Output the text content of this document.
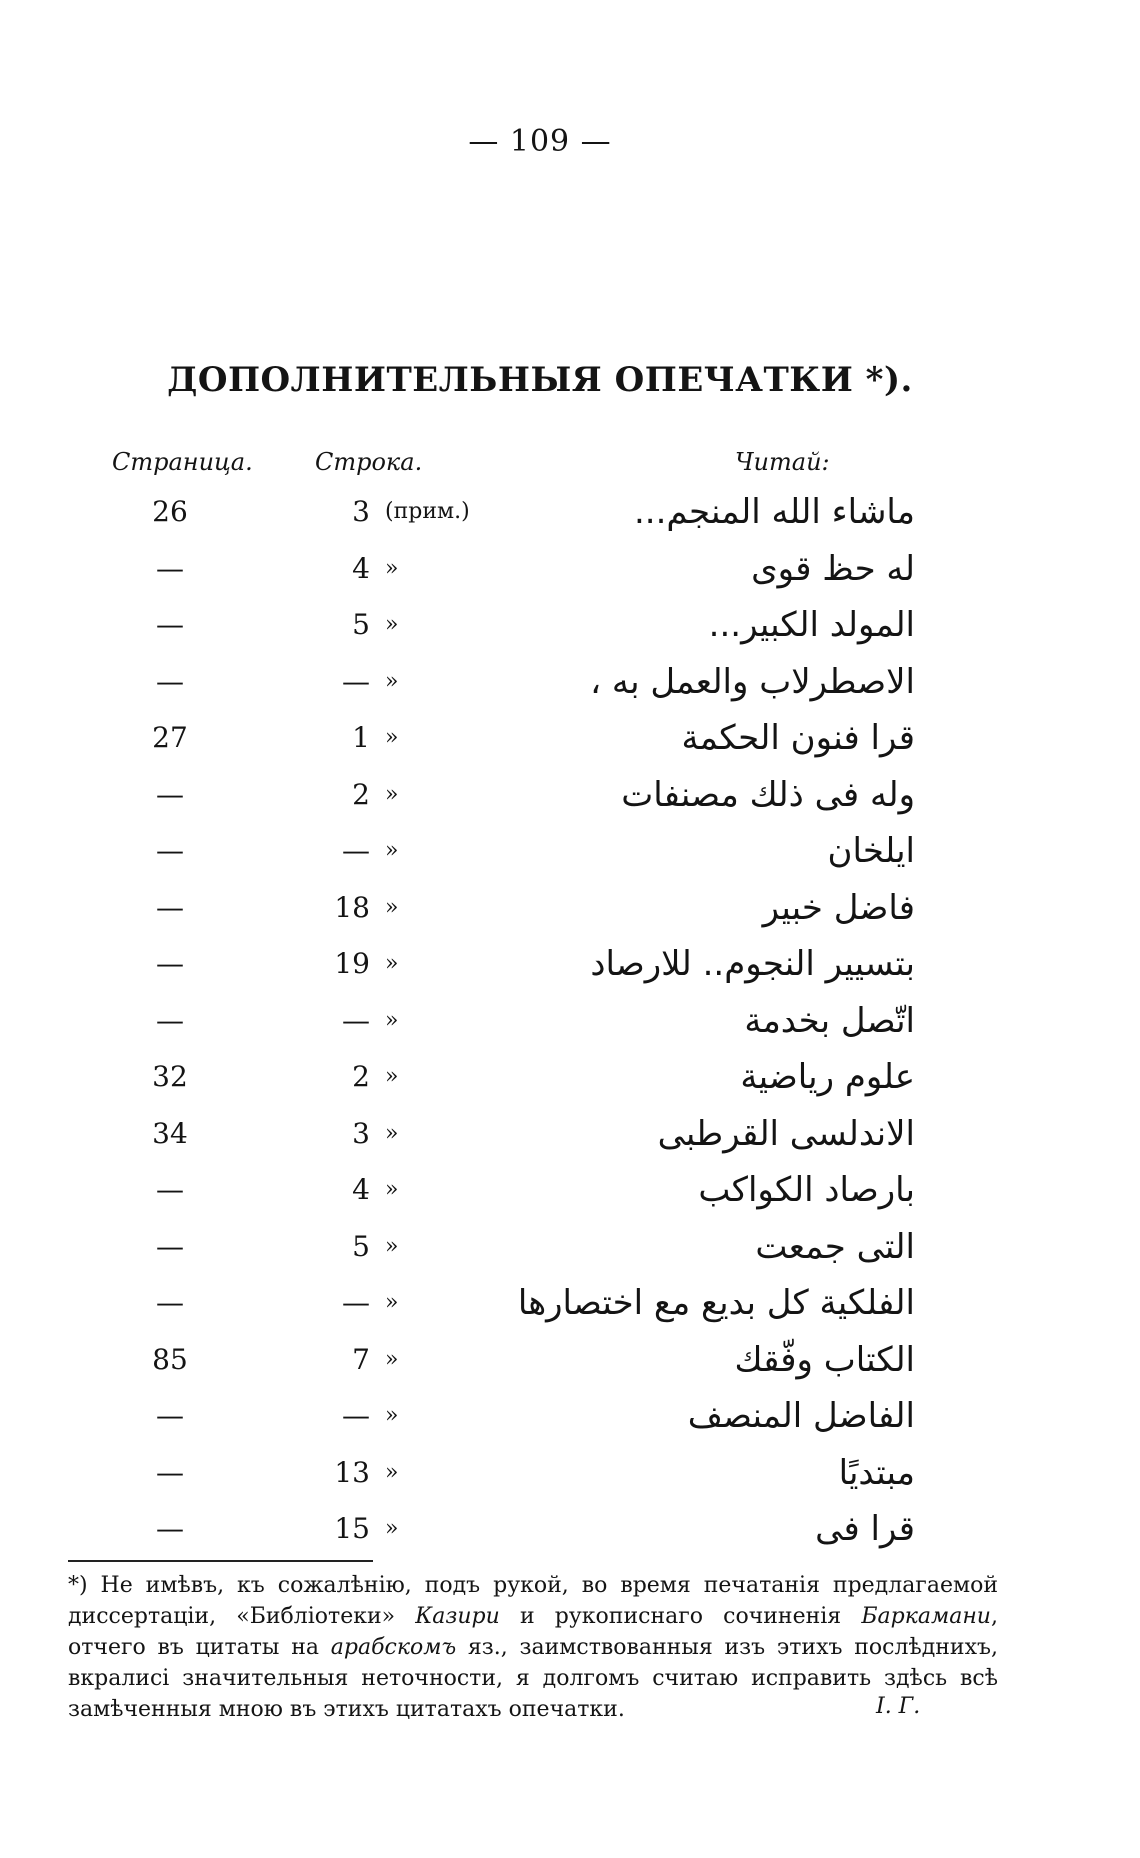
— 109 —
ДОПОЛНИТЕЛЬНЫЯ ОПЕЧАТКИ *).
Страница.	Строка.	Читай:
26	3 (прим.)	ماشاء الله المنجم...
—	4 »	له حظ قوى
—	5 »	المولد الكبير...
—	— »	الاصطرلاب والعمل به ،
27	1 »	قرا فنون الحكمة
—	2 »	وله فى ذلك مصنفات
—	— »	ايلخان
—	18 »	فاضل خبير
—	19 »	بتسيير النجوم.. للارصاد
—	— »	اتّصل بخدمة
32	2 »	علوم رياضية
34	3 »	الاندلسى القرطبى
—	4 »	بارصاد الكواكب
—	5 »	التى جمعت
—	— »	الفلكية كل بديع مع اختصارها
85	7 »	الكتاب وفّقك
—	— »	الفاضل المنصف
—	13 »	مبتديًا
—	15 »	قرا فى
*) Не имѣвъ, къ сожалѣнію, подъ рукой, во время печатанія предлагаемой диссертаціи, «Библіотеки» Казири и рукописнаго сочиненія Баркамани, отчего въ цитаты на арабскомъ яз., заимствованныя изъ этихъ послѣднихъ, вкралисі значительныя неточности, я долгомъ считаю исправить здѣсь всѣ замѣченныя мною въ этихъ цитатахъ опечатки.	I. Г.
